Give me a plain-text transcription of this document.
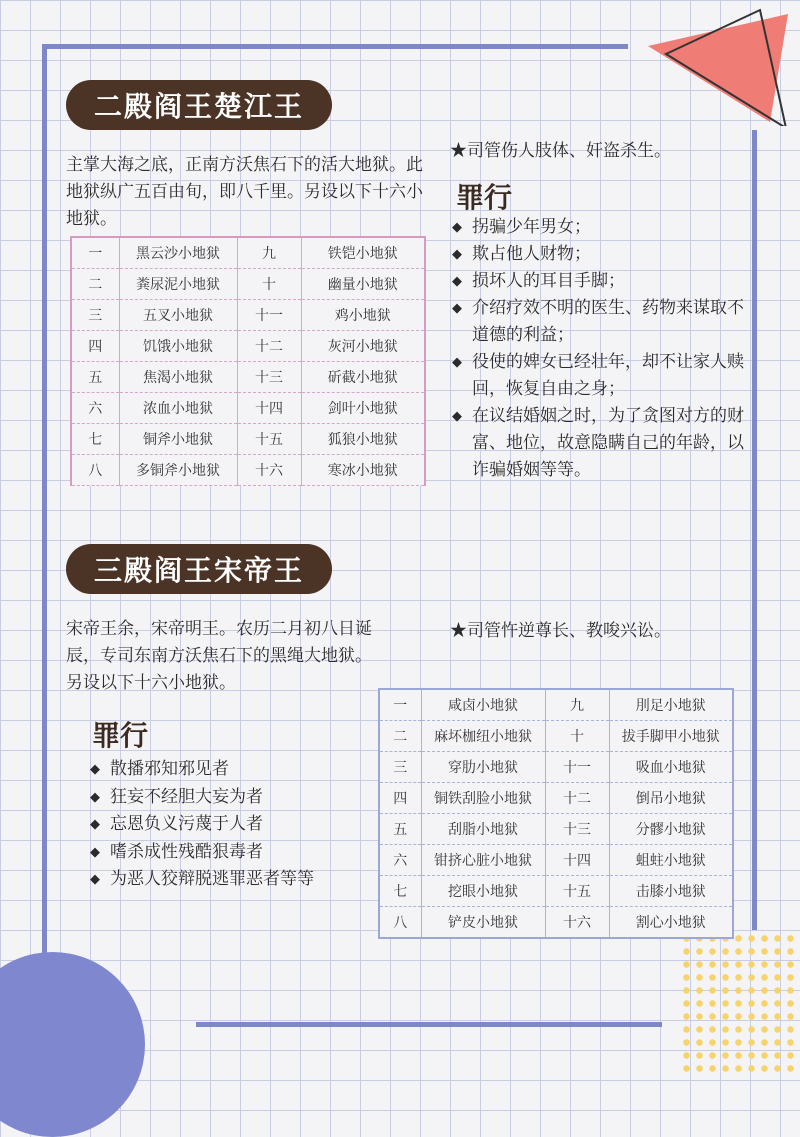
二殿阎王楚江王

主掌大海之底，正南方沃焦石下的活大地狱。此地狱纵广五百由旬，即八千里。另设以下十六小地狱。

★司管伤人肢体、奸盗杀生。
罪行
◆ 拐骗少年男女；
◆ 欺占他人财物；
◆ 损坏人的耳目手脚；
◆ 介绍疗效不明的医生、药物来谋取不道德的利益；
◆ 役使的婢女已经壮年，却不让家人赎回，恢复自由之身；
◆ 在议结婚姻之时，为了贪图对方的财富、地位，故意隐瞒自己的年龄，以诈骗婚姻等等。
一	黑云沙小地狱	九	铁铠小地狱
二	粪尿泥小地狱	十	幽量小地狱
三	五叉小地狱	十一	鸡小地狱
四	饥饿小地狱	十二	灰河小地狱
五	焦渴小地狱	十三	斫截小地狱
六	浓血小地狱	十四	剑叶小地狱
七	铜斧小地狱	十五	狐狼小地狱
八	多铜斧小地狱	十六	寒冰小地狱
三殿阎王宋帝王

宋帝王余，宋帝明王。农历二月初八日诞辰，专司东南方沃焦石下的黑绳大地狱。另设以下十六小地狱。

★司管忤逆尊长、教唆兴讼。
罪行
◆ 散播邪知邪见者
◆ 狂妄不经胆大妄为者
◆ 忘恩负义污蔑于人者
◆ 嗜杀成性残酷狠毒者
◆ 为恶人狡辩脱逃罪恶者等等
一	咸卤小地狱	九	刖足小地狱
二	麻坏枷纽小地狱	十	拔手脚甲小地狱
三	穿肋小地狱	十一	吸血小地狱
四	铜铁刮脸小地狱	十二	倒吊小地狱
五	刮脂小地狱	十三	分髎小地狱
六	钳挤心脏小地狱	十四	蛆蛀小地狱
七	挖眼小地狱	十五	击膝小地狱
八	铲皮小地狱	十六	割心小地狱
